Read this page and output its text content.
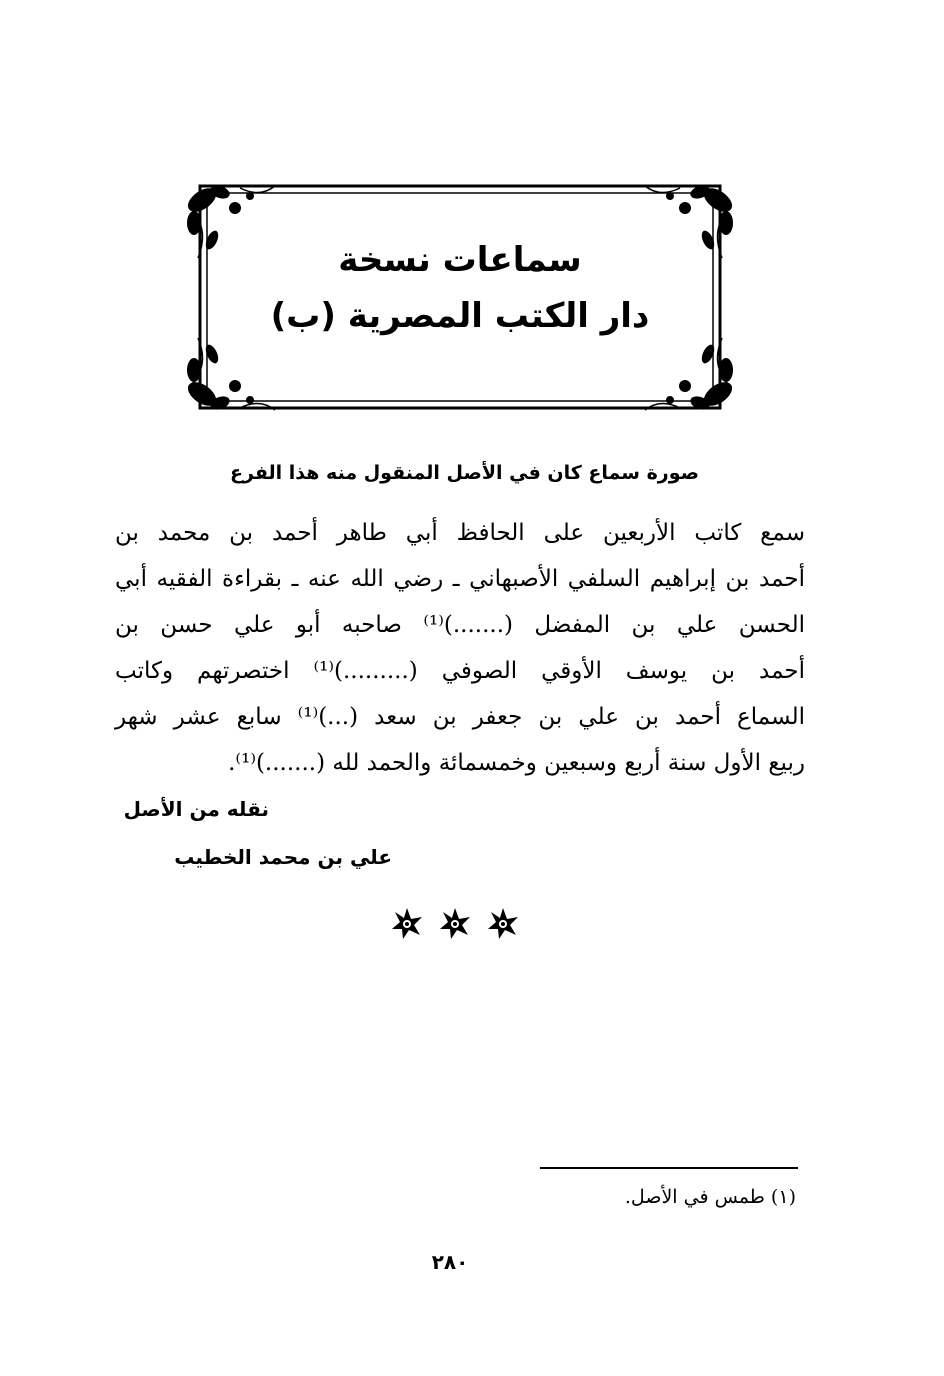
سماعات نسخة
دار الكتب المصرية (ب)
صورة سماع كان في الأصل المنقول منه هذا الفرع
سمع كاتب الأربعين على الحافظ أبي طاهر أحمد بن محمد بن
أحمد بن إبراهيم السلفي الأصبهاني ـ رضي الله عنه ـ بقراءة الفقيه أبي
الحسن علي بن المفضل (.......)⁽¹⁾ صاحبه أبو علي حسن بن
أحمد بن يوسف الأوقي الصوفي (.........)⁽¹⁾ اختصرتهم وكاتب
السماع أحمد بن علي بن جعفر بن سعد (...)⁽¹⁾ سابع عشر شهر
ربيع الأول سنة أربع وسبعين وخمسمائة والحمد لله (.......)⁽¹⁾.
نقله من الأصل
علي بن محمد الخطيب
(١) طمس في الأصل.
٢٨٠
